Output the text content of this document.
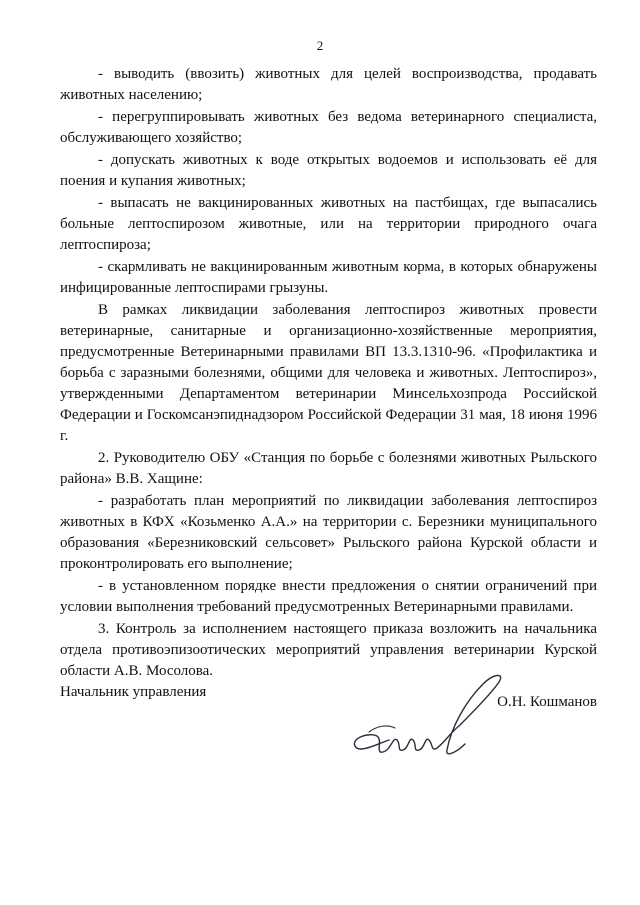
2

- выводить (ввозить) животных для целей воспроизводства, продавать животных населению;

- перегруппировывать животных без ведома ветеринарного специалиста, обслуживающего хозяйство;

- допускать животных к воде открытых водоемов и использовать её для поения и купания животных;

- выпасать не вакцинированных животных на пастбищах, где выпасались больные лептоспирозом животные, или на территории природного очага лептоспироза;

- скармливать не вакцинированным животным корма, в которых обнаружены инфицированные лептоспирами грызуны.

В рамках ликвидации заболевания лептоспироз животных провести ветеринарные, санитарные и организационно-хозяйственные мероприятия, предусмотренные Ветеринарными правилами ВП 13.3.1310-96. «Профилактика и борьба с заразными болезнями, общими для человека и животных. Лептоспироз», утвержденными Департаментом ветеринарии Минсельхозпрода Российской Федерации и Госкомсанэпиднадзором Российской Федерации 31 мая, 18 июня 1996 г.

2. Руководителю ОБУ «Станция по борьбе с болезнями животных Рыльского района» В.В. Хащине:

- разработать план мероприятий по ликвидации заболевания лептоспироз животных в КФХ «Козьменко А.А.» на территории с. Березники муниципального образования «Березниковский сельсовет» Рыльского района Курской области и проконтролировать его выполнение;

- в установленном порядке внести предложения о снятии ограничений при условии выполнения требований предусмотренных Ветеринарными правилами.

3. Контроль за исполнением настоящего приказа возложить на начальника отдела противоэпизоотических мероприятий управления ветеринарии Курской области А.В. Мосолова.

Начальник управления
О.Н. Кошманов
